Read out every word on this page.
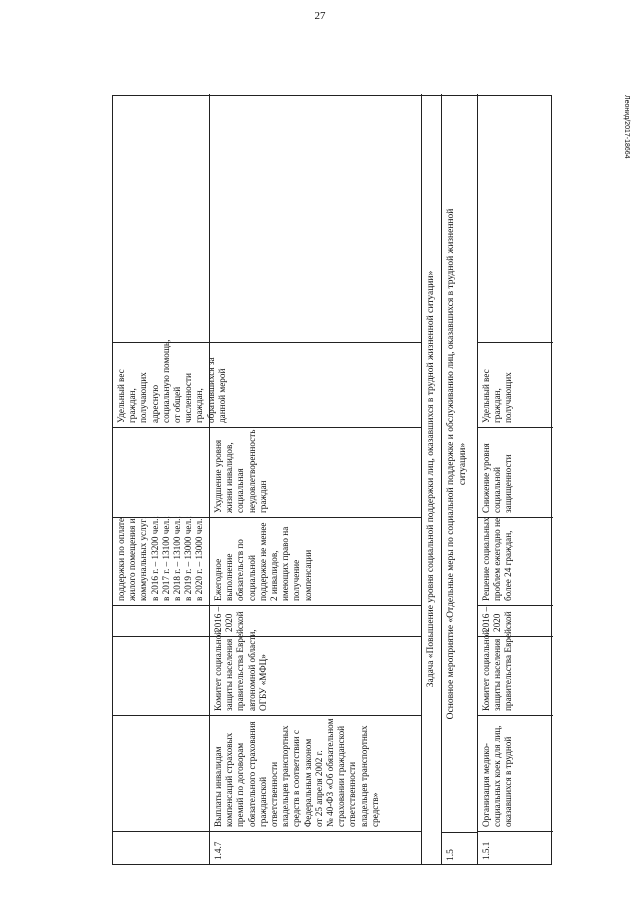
27
Леонид/2017-18664
поддержки по оплате жилого помещения и коммунальных услуг: в 2016 г. – 13200 чел.; в 2017 г. – 13100 чел.; в 2018 г. – 13100 чел.; в 2019 г. – 13000 чел.; в 2020 г. – 13000 чел.
Удельный вес граждан, получающих адресную социальную помощь, от общей численности граждан, обратившихся за данной мерой
1.4.7
Выплаты инвалидам компенсаций страховых премий по договорам обязательного страхования гражданской ответственности владельцев транспортных средств в соответствии с Федеральным законом от 25 апреля 2002 г. № 40-ФЗ «Об обязательном страховании гражданской ответственности владельцев транспортных средств»
Комитет социальной защиты населения правительства Еврейской автономной области, ОГБУ «МФЦ»
2016 – 2020
Ежегодное выполнение обязательств по социальной поддержке не менее 2 инвалидов, имеющих право на получение компенсации
Ухудшение уровня жизни инвалидов, социальная неудовлетворенность граждан	Задача «Повышение уровня социальной поддержки лиц, оказавшихся в трудной жизненной ситуации»
1.5
Основное мероприятие «Отдельные меры по социальной поддержке и обслуживанию лиц, оказавшихся в трудной жизненной ситуации»
1.5.1
Организация медико- социальных коек для лиц, оказавшихся в трудной
Комитет социальной защиты населения правительства Еврейской
2016 – 2020
Решение социальных проблем ежегодно не более 24 граждан,
Снижение уровня социальной защищенности
Удельный вес граждан, получающих
